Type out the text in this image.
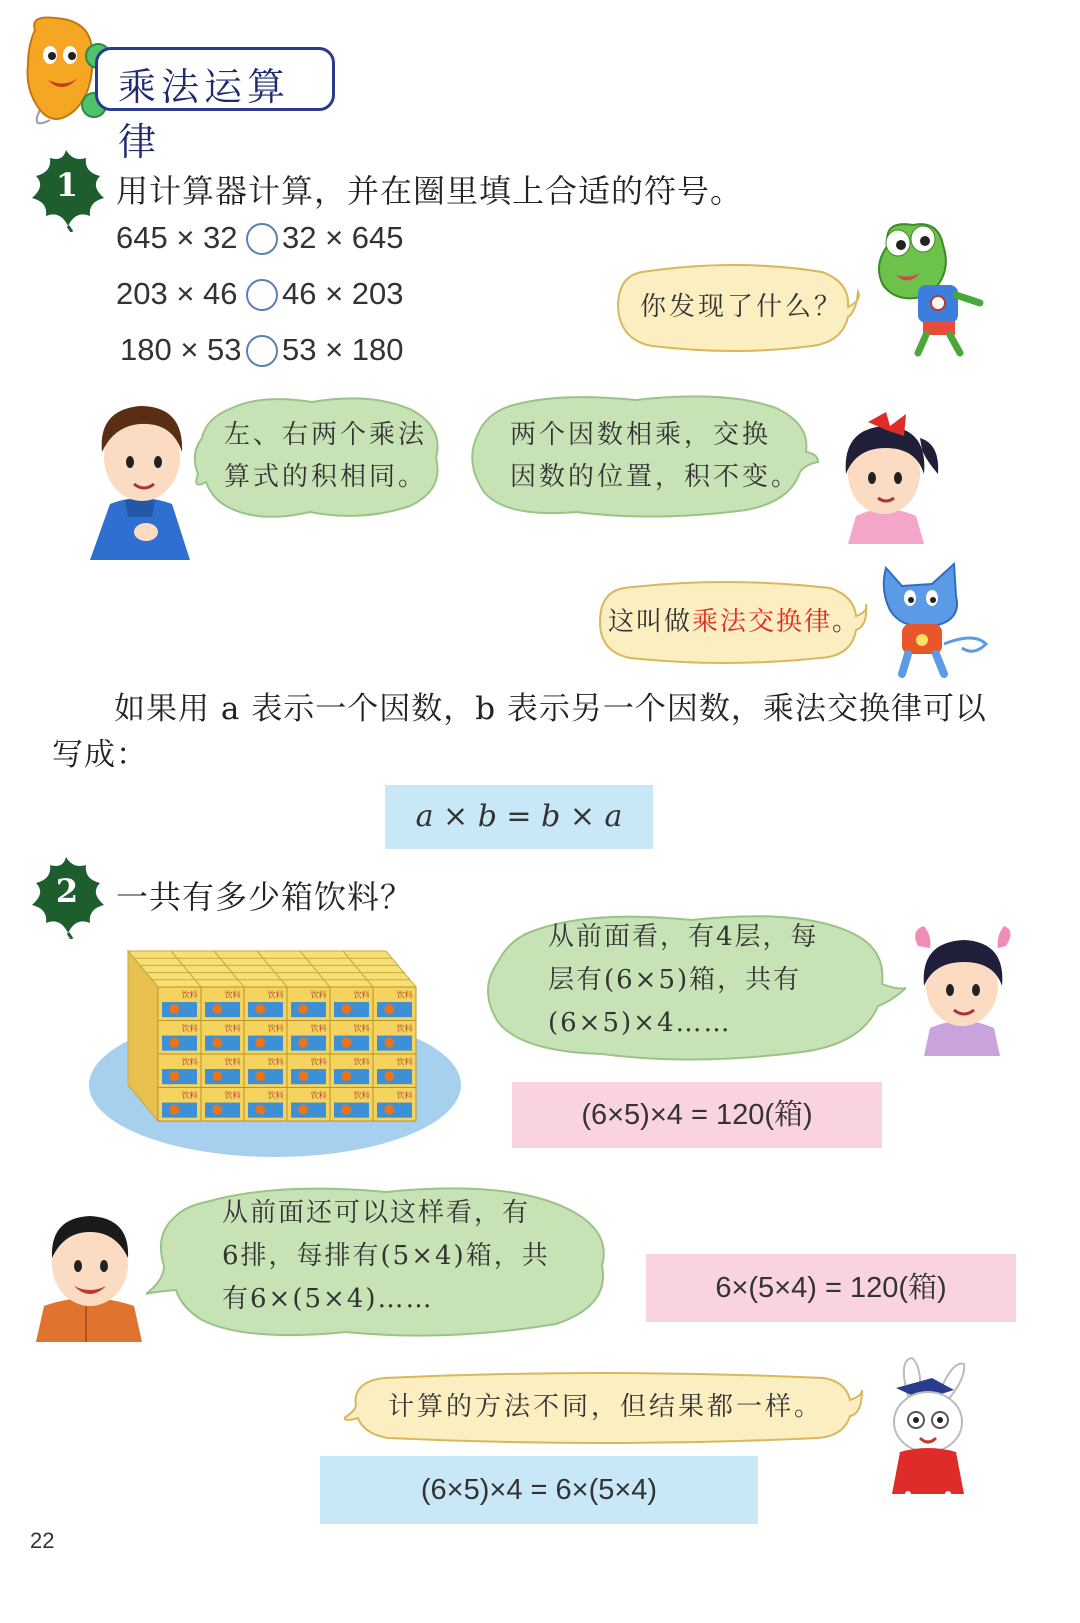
乘法运算律
1 用计算器计算，并在圈里填上合适的符号。
645 × 32 32 × 645
203 × 46 46 × 203
180 × 53 53 × 180
你发现了什么？
左、右两个乘法
算式的积相同。
两个因数相乘，交换
因数的位置，积不变。
这叫做乘法交换律。
如果用 a 表示一个因数，b 表示另一个因数，乘法交换律可以写成：
a × b = b × a
2 一共有多少箱饮料？
饮料	饮料	饮料	饮料	饮料	饮料
饮料	饮料	饮料	饮料	饮料	饮料
饮料	饮料	饮料	饮料	饮料	饮料
饮料	饮料	饮料	饮料	饮料	饮料
从前面看，有4层，每
层有(6×5)箱，共有
(6×5)×4……
(6×5)×4 = 120(箱)
从前面还可以这样看，有
6排，每排有(5×4)箱，共
有6×(5×4)……	6×(5×4) = 120(箱)
计算的方法不同，但结果都一样。
(6×5)×4 = 6×(5×4)
22
